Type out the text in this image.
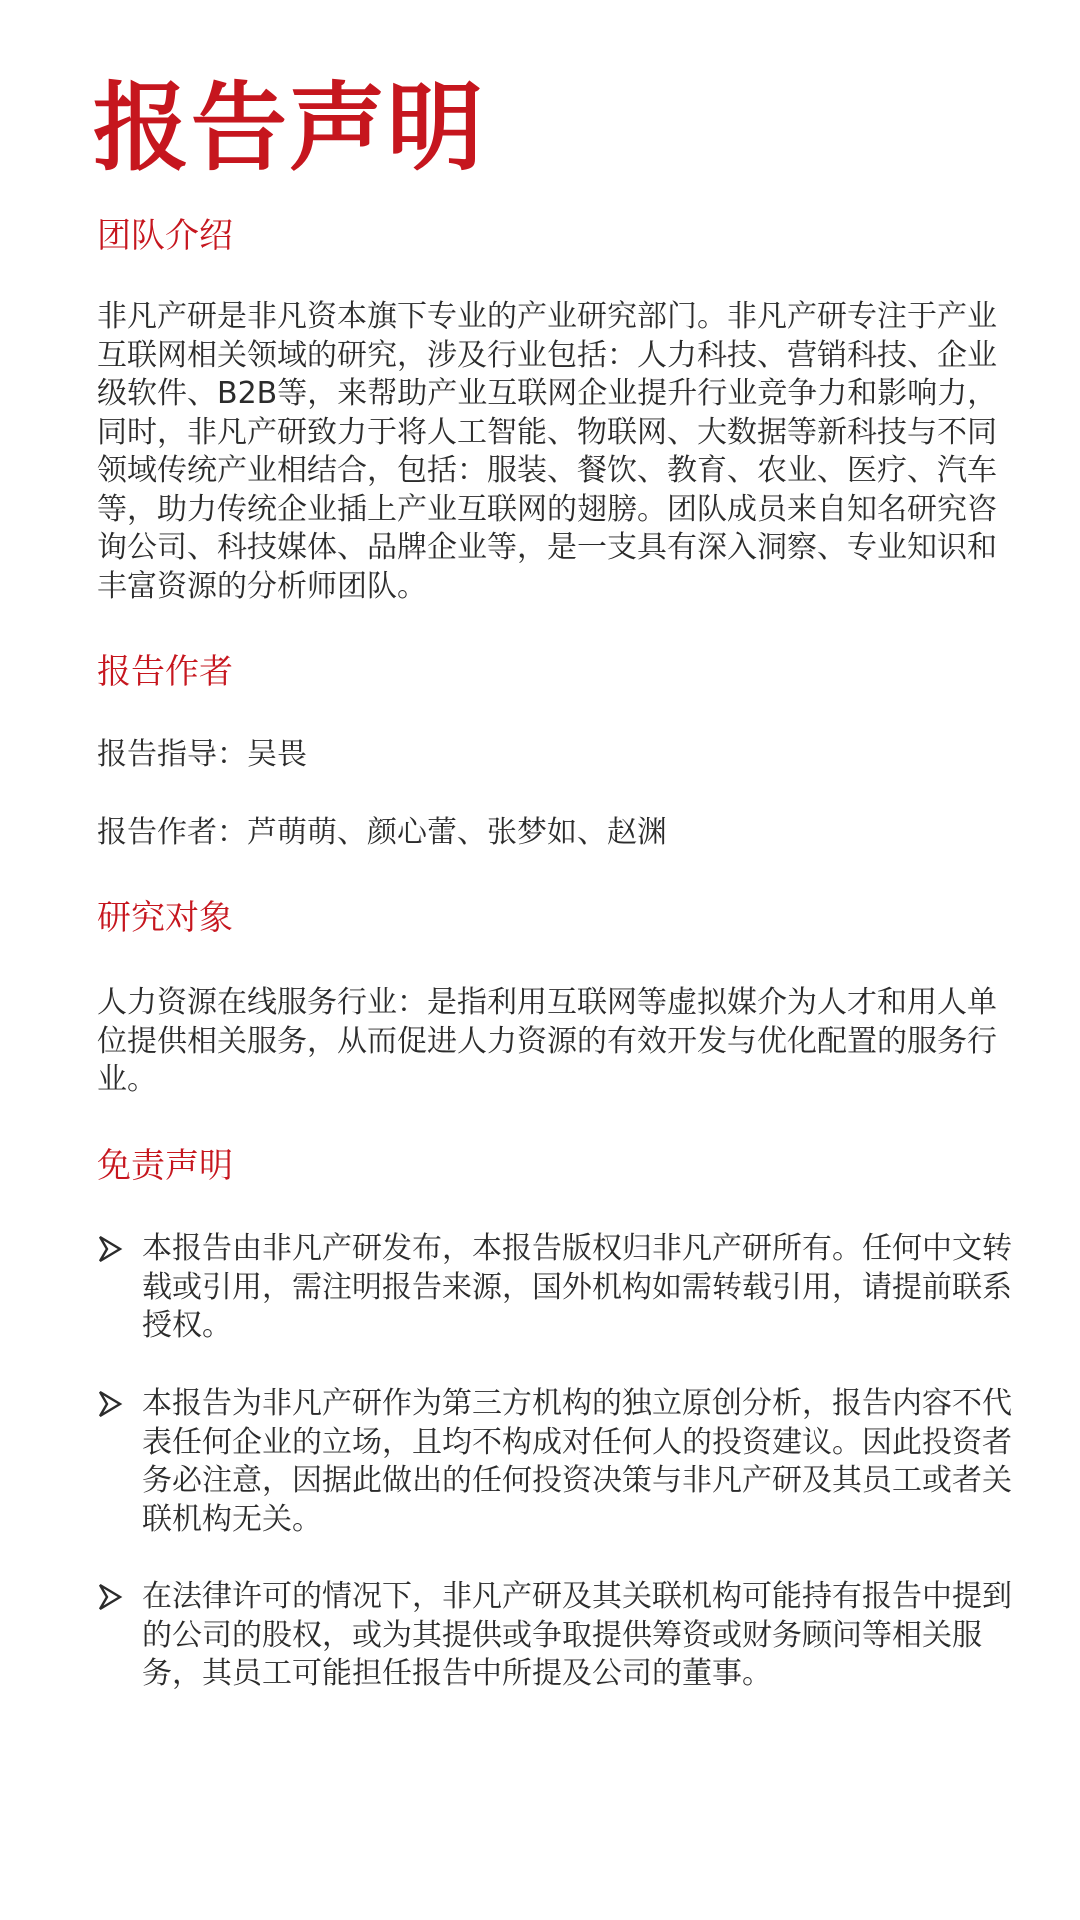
报告声明
团队介绍

非凡产研是非凡资本旗下专业的产业研究部门。非凡产研专注于产业互联网相关领域的研究，涉及行业包括：人力科技、营销科技、企业级软件、B2B等，来帮助产业互联网企业提升行业竞争力和影响力，同时，非凡产研致力于将人工智能、物联网、大数据等新科技与不同领域传统产业相结合，包括：服装、餐饮、教育、农业、医疗、汽车等，助力传统企业插上产业互联网的翅膀。团队成员来自知名研究咨询公司、科技媒体、品牌企业等，是一支具有深入洞察、专业知识和丰富资源的分析师团队。

报告作者

报告指导：吴畏

报告作者：芦萌萌、颜心蕾、张梦如、赵渊

研究对象

人力资源在线服务行业：是指利用互联网等虚拟媒介为人才和用人单位提供相关服务，从而促进人力资源的有效开发与优化配置的服务行业。

免责声明

本报告由非凡产研发布，本报告版权归非凡产研所有。任何中文转载或引用，需注明报告来源，国外机构如需转载引用，请提前联系授权。

本报告为非凡产研作为第三方机构的独立原创分析，报告内容不代表任何企业的立场，且均不构成对任何人的投资建议。因此投资者务必注意，因据此做出的任何投资决策与非凡产研及其员工或者关联机构无关。

在法律许可的情况下，非凡产研及其关联机构可能持有报告中提到的公司的股权，或为其提供或争取提供筹资或财务顾问等相关服务，其员工可能担任报告中所提及公司的董事。
